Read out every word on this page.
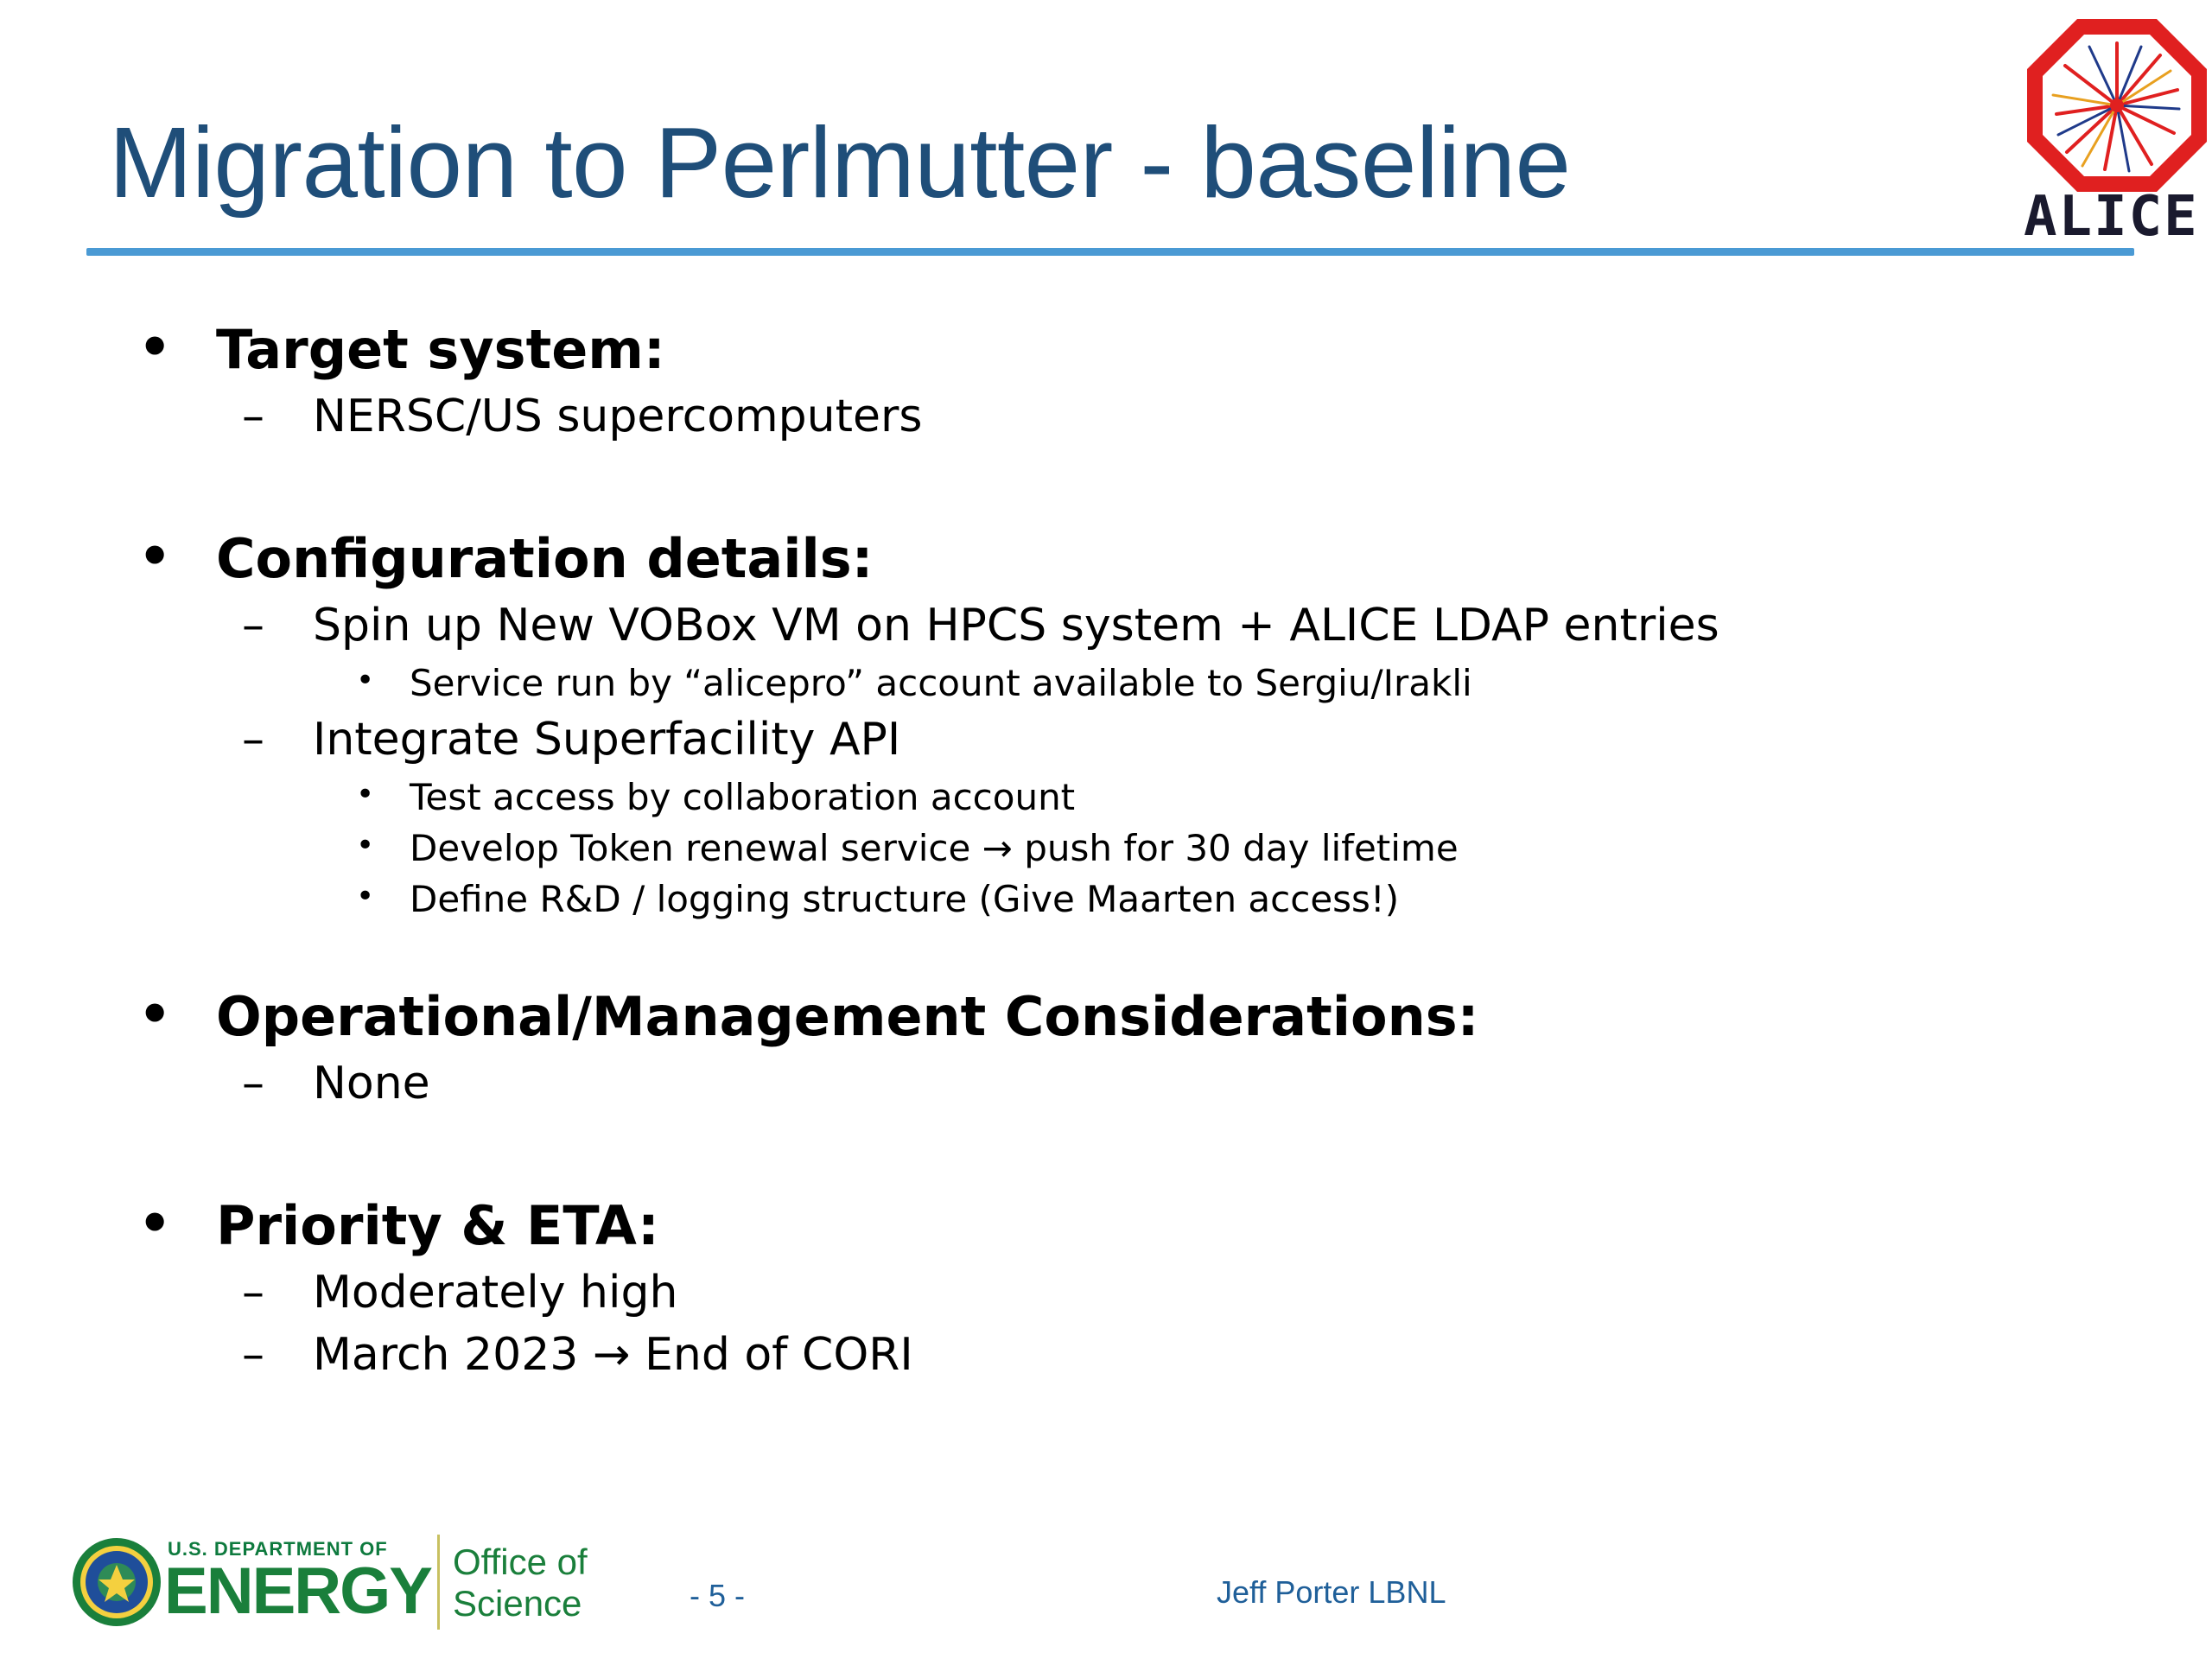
Migration to Perlmutter - baseline	ALICE
• Target system:
– NERSC/US supercomputers
• Configuration details:
– Spin up New VOBox VM on HPCS system + ALICE LDAP entries
• Service run by “alicepro” account available to Sergiu/Irakli
– Integrate Superfacility API
• Test access by collaboration account
• Develop Token renewal service → push for 30 day lifetime
• Define R&D / logging structure (Give Maarten access!)
• Operational/Management Considerations:
– None
• Priority & ETA:
– Moderately high
– March 2023 → End of CORI
U.S. DEPARTMENT OF
ENERGY Office of
Science	- 5 -	Jeff Porter LBNL
